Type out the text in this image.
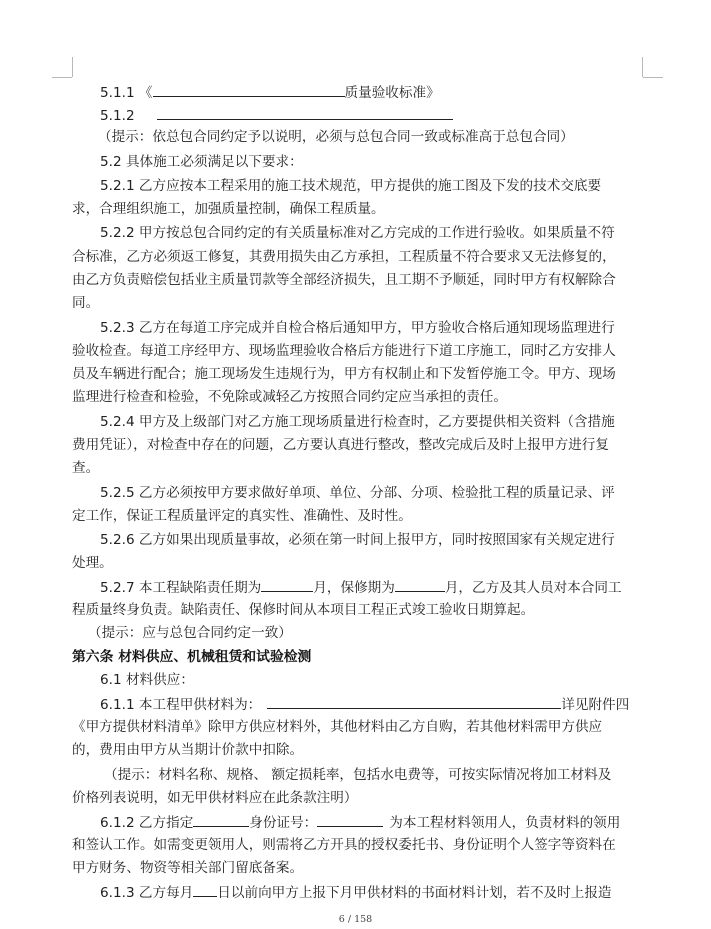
5.1.1 《	质量验收标准》
5.1.2
（提示：依总包合同约定予以说明，必须与总包合同一致或标准高于总包合同）
5.2 具体施工必须满足以下要求：
5.2.1 乙方应按本工程采用的施工技术规范，甲方提供的施工图及下发的技术交底要
求，合理组织施工，加强质量控制，确保工程质量。
5.2.2 甲方按总包合同约定的有关质量标准对乙方完成的工作进行验收。如果质量不符
合标准，乙方必须返工修复，其费用损失由乙方承担，工程质量不符合要求又无法修复的，
由乙方负责赔偿包括业主质量罚款等全部经济损失，且工期不予顺延，同时甲方有权解除合
同。
5.2.3 乙方在每道工序完成并自检合格后通知甲方，甲方验收合格后通知现场监理进行
验收检查。每道工序经甲方、现场监理验收合格后方能进行下道工序施工，同时乙方安排人
员及车辆进行配合；施工现场发生违规行为，甲方有权制止和下发暂停施工令。甲方、现场
监理进行检查和检验，不免除或减轻乙方按照合同约定应当承担的责任。
5.2.4 甲方及上级部门对乙方施工现场质量进行检查时，乙方要提供相关资料（含措施
费用凭证），对检查中存在的问题，乙方要认真进行整改，整改完成后及时上报甲方进行复
查。
5.2.5 乙方必须按甲方要求做好单项、单位、分部、分项、检验批工程的质量记录、评
定工作，保证工程质量评定的真实性、准确性、及时性。
5.2.6 乙方如果出现质量事故，必须在第一时间上报甲方，同时按照国家有关规定进行
处理。
5.2.7 本工程缺陷责任期为	月，保修期为	月，乙方及其人员对本合同工
程质量终身负责。缺陷责任、保修时间从本项目工程正式竣工验收日期算起。
（提示：应与总包合同约定一致）
第六条 材料供应、机械租赁和试验检测
6.1 材料供应：
6.1.1 本工程甲供材料为：	详见附件四
《甲方提供材料清单》除甲方供应材料外，其他材料由乙方自购，若其他材料需甲方供应
的，费用由甲方从当期计价款中扣除。
（提示：材料名称、规格、 额定损耗率，包括水电费等，可按实际情况将加工材料及
价格列表说明，如无甲供材料应在此条款注明）
6.1.2 乙方指定	身份证号：	为本工程材料领用人，负责材料的领用
和签认工作。如需变更领用人，则需将乙方开具的授权委托书、身份证明个人签字等资料在
甲方财务、物资等相关部门留底备案。
6.1.3 乙方每月 日以前向甲方上报下月甲供材料的书面材料计划，若不及时上报造
6 / 158
